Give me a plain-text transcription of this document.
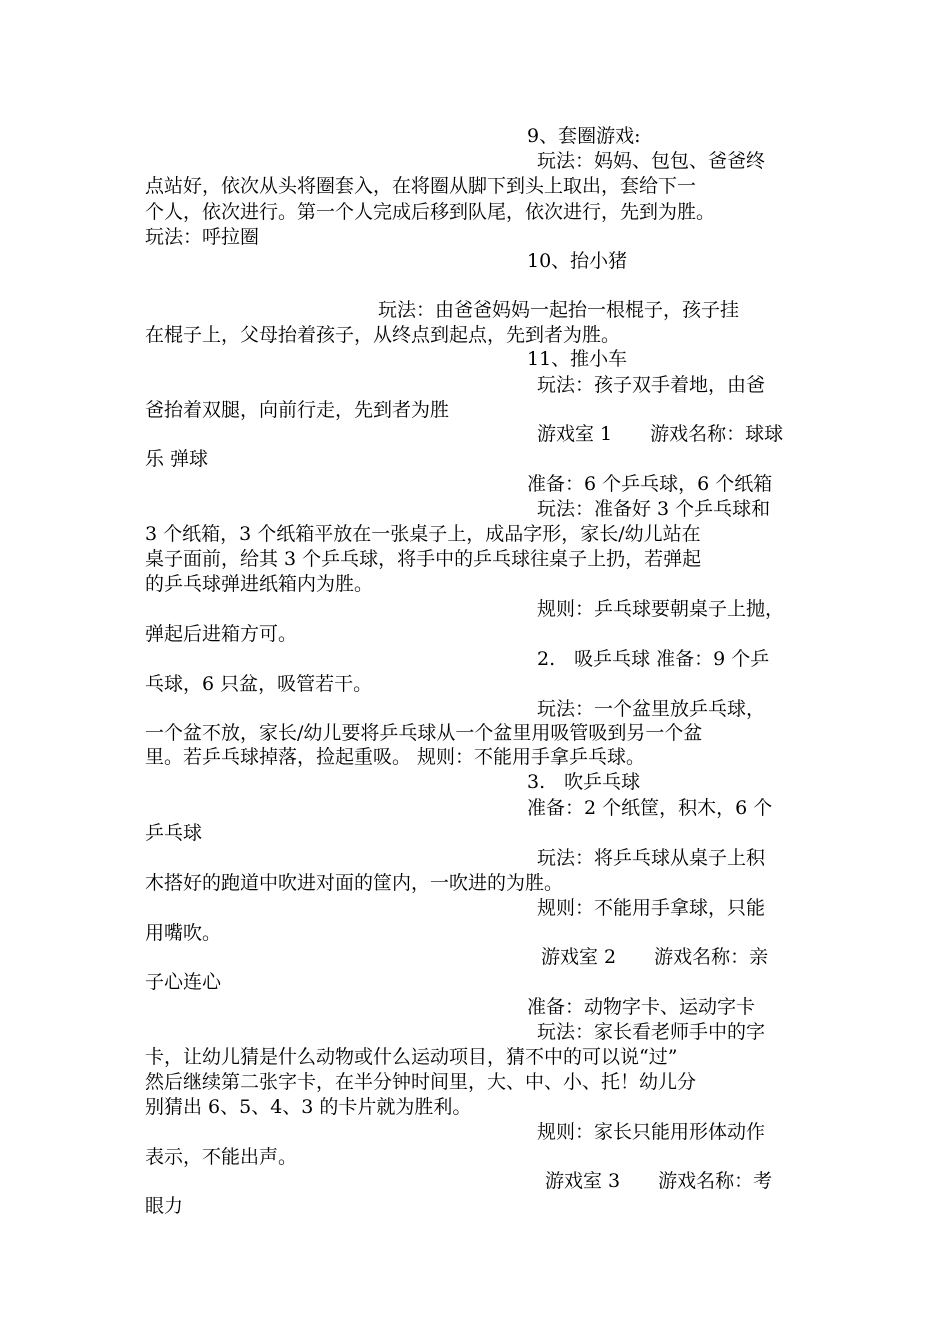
9、套圈游戏:
玩法：妈妈、包包、爸爸终
点站好，依次从头将圈套入，在将圈从脚下到头上取出，套给下一
个人，依次进行。第一个人完成后移到队尾，依次进行，先到为胜。
玩法：呼拉圈
10、抬小猪
玩法：由爸爸妈妈一起抬一根棍子，孩子挂
在棍子上，父母抬着孩子，从终点到起点，先到者为胜。
11、推小车
玩法：孩子双手着地，由爸
爸抬着双腿，向前行走，先到者为胜
游戏室 1　　游戏名称：球球
乐 弹球
准备：6 个乒乓球，6 个纸箱
玩法：准备好 3 个乒乓球和
3 个纸箱，3 个纸箱平放在一张桌子上，成品字形，家长/幼儿站在
桌子面前，给其 3 个乒乓球，将手中的乒乓球往桌子上扔，若弹起
的乒乓球弹进纸箱内为胜。
规则：乒乓球要朝桌子上抛，
弹起后进箱方可。
2.　吸乒乓球 准备：9 个乒
乓球，6 只盆，吸管若干。
玩法：一个盆里放乒乓球，
一个盆不放，家长/幼儿要将乒乓球从一个盆里用吸管吸到另一个盆
里。若乒乓球掉落，捡起重吸。 规则：不能用手拿乒乓球。
3.　吹乒乓球
准备：2 个纸筐，积木，6 个
乒乓球
玩法：将乒乓球从桌子上积
木搭好的跑道中吹进对面的筐内，一吹进的为胜。
规则：不能用手拿球，只能
用嘴吹。
游戏室 2　　游戏名称：亲
子心连心
准备：动物字卡、运动字卡
玩法：家长看老师手中的字
卡，让幼儿猜是什么动物或什么运动项目，猜不中的可以说“过”
然后继续第二张字卡，在半分钟时间里，大、中、小、托！幼儿分
别猜出 6、5、4、3 的卡片就为胜利。
规则：家长只能用形体动作
表示，不能出声。
游戏室 3　　游戏名称：考
眼力
